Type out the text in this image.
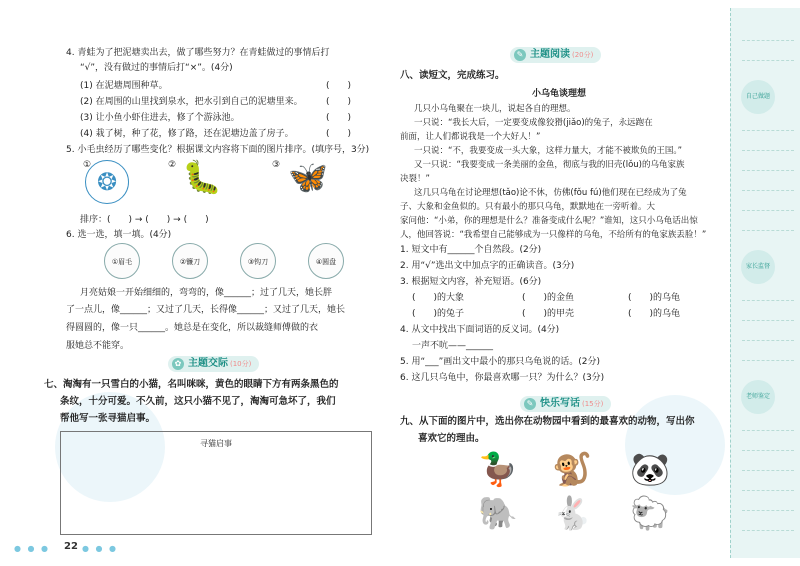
4. 青蛙为了把泥塘卖出去，做了哪些努力？在青蛙做过的事情后打
“√”，没有做过的事情后打“×”。(4分)
(1) 在泥塘周围种草。	(　　)
(2) 在周围的山里找到泉水，把水引到自己的泥塘里来。	(　　)
(3) 让小鱼小虾住进去，修了个游泳池。	(　　)
(4) 栽了树，种了花，修了路，还在泥塘边盖了房子。	(　　)
5. 小毛虫经历了哪些变化？根据课文内容将下面的图片排序。(填序号，3分)
①
❂
② 🐛	③ 🦋
排序：(　　) → (　　) → (　　)
6. 选一选，填一填。(4分)
①眉毛	②镰刀	③钩刀	④圆盘
月亮姑娘一开始细细的，弯弯的，像______；过了几天，她长胖
了一点儿，像______；又过了几天，长得像______；又过了几天，她长
得圆圆的，像一只______。她总是在变化，所以裁缝师傅做的衣
服她总不能穿。
✿ 主题交际 (10分)
七、淘淘有一只雪白的小猫，名叫咪咪，黄色的眼睛下方有两条黑色的
条纹，十分可爱。不久前，这只小猫不见了，淘淘可急坏了，我们
帮他写一张寻猫启事。
寻猫启事
● ● ● 22 ● ● ●
✎ 主题阅读 (20分)
八、读短文，完成练习。
小乌龟谈理想
几只小乌龟聚在一块儿，说起各自的理想。
一只说：“我长大后，一定要变成像狡猾(jiǎo)的兔子，永远跑在
前面，让人们都说我是一个大好人！”
一只说：“不，我要变成一头大象，这样力量大，才能不被欺负的王国。”
又一只说：“我要变成一条美丽的金鱼，彻底与我的旧壳(lǒu)的乌龟家族
决裂！”
这几只乌龟在讨论理想(tǎo)论不休，仿佛(fǒu fú)他们现在已经成为了兔
子、大象和金鱼似的。只有最小的那只乌龟，默默地在一旁听着。大
家问他：“小弟，你的理想是什么？准备变成什么呢？”谁知，这只小乌龟话出惊
人，他回答说：“我希望自己能够成为一只像样的乌龟，不给所有的龟家族丢脸！”
1. 短文中有______个自然段。(2分)
2. 用“√”选出文中加点字的正确读音。(3分)
3. 根据短文内容，补充短语。(6分)
(　　)的大象	(　　)的金鱼	(　　)的乌龟
(　　)的兔子	(　　)的甲壳	(　　)的乌龟
4. 从文中找出下面词语的反义词。(4分)
一声不吭——______
5. 用“___”画出文中最小的那只乌龟说的话。(2分)
6. 这几只乌龟中，你最喜欢哪一只？为什么？(3分)
✎ 快乐写话 (15分)
九、从下面的图片中，选出你在动物园中看到的最喜欢的动物，写出你
喜欢它的理由。
🦆 🐒 🐼
🐘 🐇 🐑
自己做题
家长监督
老师鉴定
